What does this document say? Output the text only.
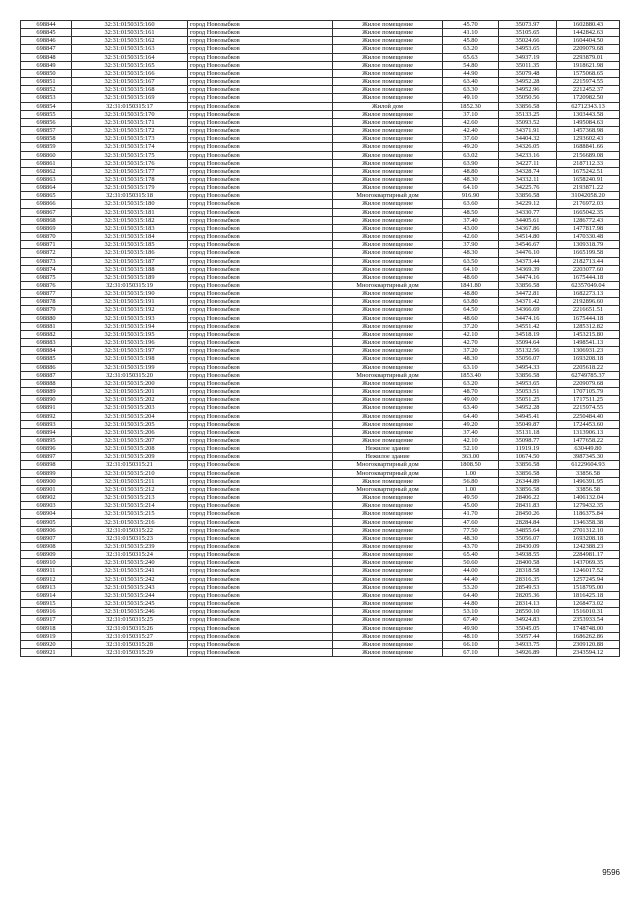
698844	32:31:0150315:160	город Новозыбков	Жилое помещение	45.70	35073.97	1602880.43
698845	32:31:0150315:161	город Новозыбков	Жилое помещение	41.10	35105.65	1442842.63
698846	32:31:0150315:162	город Новозыбков	Жилое помещение	45.80	35024.66	1604404.50
698847	32:31:0150315:163	город Новозыбков	Жилое помещение	63.20	34953.65	2209079.68
698848	32:31:0150315:164	город Новозыбков	Жилое помещение	65.63	34937.19	2293879.01
698849	32:31:0150315:165	город Новозыбков	Жилое помещение	54.80	35011.35	1918621.98
698850	32:31:0150315:166	город Новозыбков	Жилое помещение	44.90	35079.48	1575068.65
698851	32:31:0150315:167	город Новозыбков	Жилое помещение	63.40	34952.28	2215974.55
698852	32:31:0150315:168	город Новозыбков	Жилое помещение	63.30	34952.96	2212452.37
698853	32:31:0150315:169	город Новозыбков	Жилое помещение	49.10	35050.56	1720982.50
698854	32:31:0150315:17	город Новозыбков	Жилой дом	1852.30	33856.58	62712343.13
698855	32:31:0150315:170	город Новозыбков	Жилое помещение	37.10	35133.25	1303443.58
698856	32:31:0150315:171	город Новозыбков	Жилое помещение	42.60	35093.52	1495084.63
698857	32:31:0150315:172	город Новозыбков	Жилое помещение	42.40	34371.91	1457368.98
698858	32:31:0150315:173	город Новозыбков	Жилое помещение	37.60	34404.32	1293602.43
698859	32:31:0150315:174	город Новозыбков	Жилое помещение	49.20	34326.05	1688841.66
698860	32:31:0150315:175	город Новозыбков	Жилое помещение	63.02	34233.16	2156689.08
698861	32:31:0150315:176	город Новозыбков	Жилое помещение	63.90	34227.11	2187112.33
698862	32:31:0150315:177	город Новозыбков	Жилое помещение	48.80	34328.74	1675242.51
698863	32:31:0150315:178	город Новозыбков	Жилое помещение	48.30	34332.11	1658240.91
698864	32:31:0150315:179	город Новозыбков	Жилое помещение	64.10	34225.76	2193871.22
698865	32:31:0150315:18	город Новозыбков	Многоквартирный дом	916.90	33856.58	31042058.20
698866	32:31:0150315:180	город Новозыбков	Жилое помещение	63.60	34229.12	2176972.03
698867	32:31:0150315:181	город Новозыбков	Жилое помещение	48.50	34330.77	1665042.35
698868	32:31:0150315:182	город Новозыбков	Жилое помещение	37.40	34405.61	1286772.43
698869	32:31:0150315:183	город Новозыбков	Жилое помещение	43.00	34367.86	1477817.98
698870	32:31:0150315:184	город Новозыбков	Жилое помещение	42.60	34514.80	1470330.48
698871	32:31:0150315:185	город Новозыбков	Жилое помещение	37.90	34546.67	1309318.79
698872	32:31:0150315:186	город Новозыбков	Жилое помещение	48.30	34476.10	1665199.58
698873	32:31:0150315:187	город Новозыбков	Жилое помещение	63.50	34373.44	2182713.44
698874	32:31:0150315:188	город Новозыбков	Жилое помещение	64.10	34369.39	2203077.60
698875	32:31:0150315:189	город Новозыбков	Жилое помещение	48.60	34474.16	1675444.18
698876	32:31:0150315:19	город Новозыбков	Многоквартирный дом	1841.80	33856.58	62357049.04
698877	32:31:0150315:190	город Новозыбков	Жилое помещение	48.80	34472.81	1682273.13
698878	32:31:0150315:191	город Новозыбков	Жилое помещение	63.80	34371.42	2192896.60
698879	32:31:0150315:192	город Новозыбков	Жилое помещение	64.50	34366.69	2216651.51
698880	32:31:0150315:193	город Новозыбков	Жилое помещение	48.60	34474.16	1675444.18
698881	32:31:0150315:194	город Новозыбков	Жилое помещение	37.20	34551.42	1285312.82
698882	32:31:0150315:195	город Новозыбков	Жилое помещение	42.10	34518.19	1453215.80
698883	32:31:0150315:196	город Новозыбков	Жилое помещение	42.70	35094.64	1498541.13
698884	32:31:0150315:197	город Новозыбков	Жилое помещение	37.20	35132.56	1306931.23
698885	32:31:0150315:198	город Новозыбков	Жилое помещение	48.30	35056.07	1693208.18
698886	32:31:0150315:199	город Новозыбков	Жилое помещение	63.10	34954.33	2205618.22
698887	32:31:0150315:20	город Новозыбков	Многоквартирный дом	1853.40	33856.58	62749785.37
698888	32:31:0150315:200	город Новозыбков	Жилое помещение	63.20	34953.65	2209079.68
698889	32:31:0150315:201	город Новозыбков	Жилое помещение	48.70	35053.51	1707105.79
698890	32:31:0150315:202	город Новозыбков	Жилое помещение	49.00	35051.25	1717511.25
698891	32:31:0150315:203	город Новозыбков	Жилое помещение	63.40	34952.28	2215974.55
698892	32:31:0150315:204	город Новозыбков	Жилое помещение	64.40	34945.41	2250484.40
698893	32:31:0150315:205	город Новозыбков	Жилое помещение	49.20	35049.87	1724453.60
698894	32:31:0150315:206	город Новозыбков	Жилое помещение	37.40	35131.18	1313906.13
698895	32:31:0150315:207	город Новозыбков	Жилое помещение	42.10	35098.77	1477658.22
698896	32:31:0150315:208	город Новозыбков	Нежилое здание	52.10	11919.19	630449.80
698897	32:31:0150315:209	город Новозыбков	Нежилое здание	363.00	10674.50	3987345.30
698898	32:31:0150315:21	город Новозыбков	Многоквартирный дом	1808.50	33856.58	61229604.93
698899	32:31:0150315:210	город Новозыбков	Многоквартирный дом	1.00	33856.58	33856.58
698900	32:31:0150315:211	город Новозыбков	Жилое помещение	56.80	26344.89	1496391.95
698901	32:31:0150315:212	город Новозыбков	Многоквартирный дом	1.00	33856.58	33856.58
698902	32:31:0150315:213	город Новозыбков	Жилое помещение	49.50	28406.22	1406132.04
698903	32:31:0150315:214	город Новозыбков	Жилое помещение	45.00	28431.83	1279432.35
698904	32:31:0150315:215	город Новозыбков	Жилое помещение	41.70	28450.26	1186375.84
698905	32:31:0150315:216	город Новозыбков	Жилое помещение	47.60	28284.84	1346358.38
698906	32:31:0150315:22	город Новозыбков	Жилое помещение	77.50	34855.64	2701312.10
698907	32:31:0150315:23	город Новозыбков	Жилое помещение	48.30	35056.07	1693208.18
698908	32:31:0150315:239	город Новозыбков	Жилое помещение	43.70	28430.09	1242388.23
698909	32:31:0150315:24	город Новозыбков	Жилое помещение	65.40	34938.55	2284981.17
698910	32:31:0150315:240	город Новозыбков	Жилое помещение	50.60	28400.58	1437069.35
698911	32:31:0150315:241	город Новозыбков	Жилое помещение	44.00	28318.58	1246017.52
698912	32:31:0150315:242	город Новозыбков	Жилое помещение	44.40	28316.35	1257245.94
698913	32:31:0150315:243	город Новозыбков	Жилое помещение	53.20	28549.53	1518795.00
698914	32:31:0150315:244	город Новозыбков	Жилое помещение	64.40	28205.36	1816425.18
698915	32:31:0150315:245	город Новозыбков	Жилое помещение	44.80	28314.13	1268473.02
698916	32:31:0150315:246	город Новозыбков	Жилое помещение	53.10	28550.10	1516010.31
698917	32:31:0150315:25	город Новозыбков	Жилое помещение	67.40	34924.83	2353933.54
698918	32:31:0150315:26	город Новозыбков	Жилое помещение	49.90	35045.05	1748748.00
698919	32:31:0150315:27	город Новозыбков	Жилое помещение	48.10	35057.44	1686262.86
698920	32:31:0150315:28	город Новозыбков	Жилое помещение	66.10	34933.75	2309120.88
698921	32:31:0150315:29	город Новозыбков	Жилое помещение	67.10	34926.89	2343594.12
9596
